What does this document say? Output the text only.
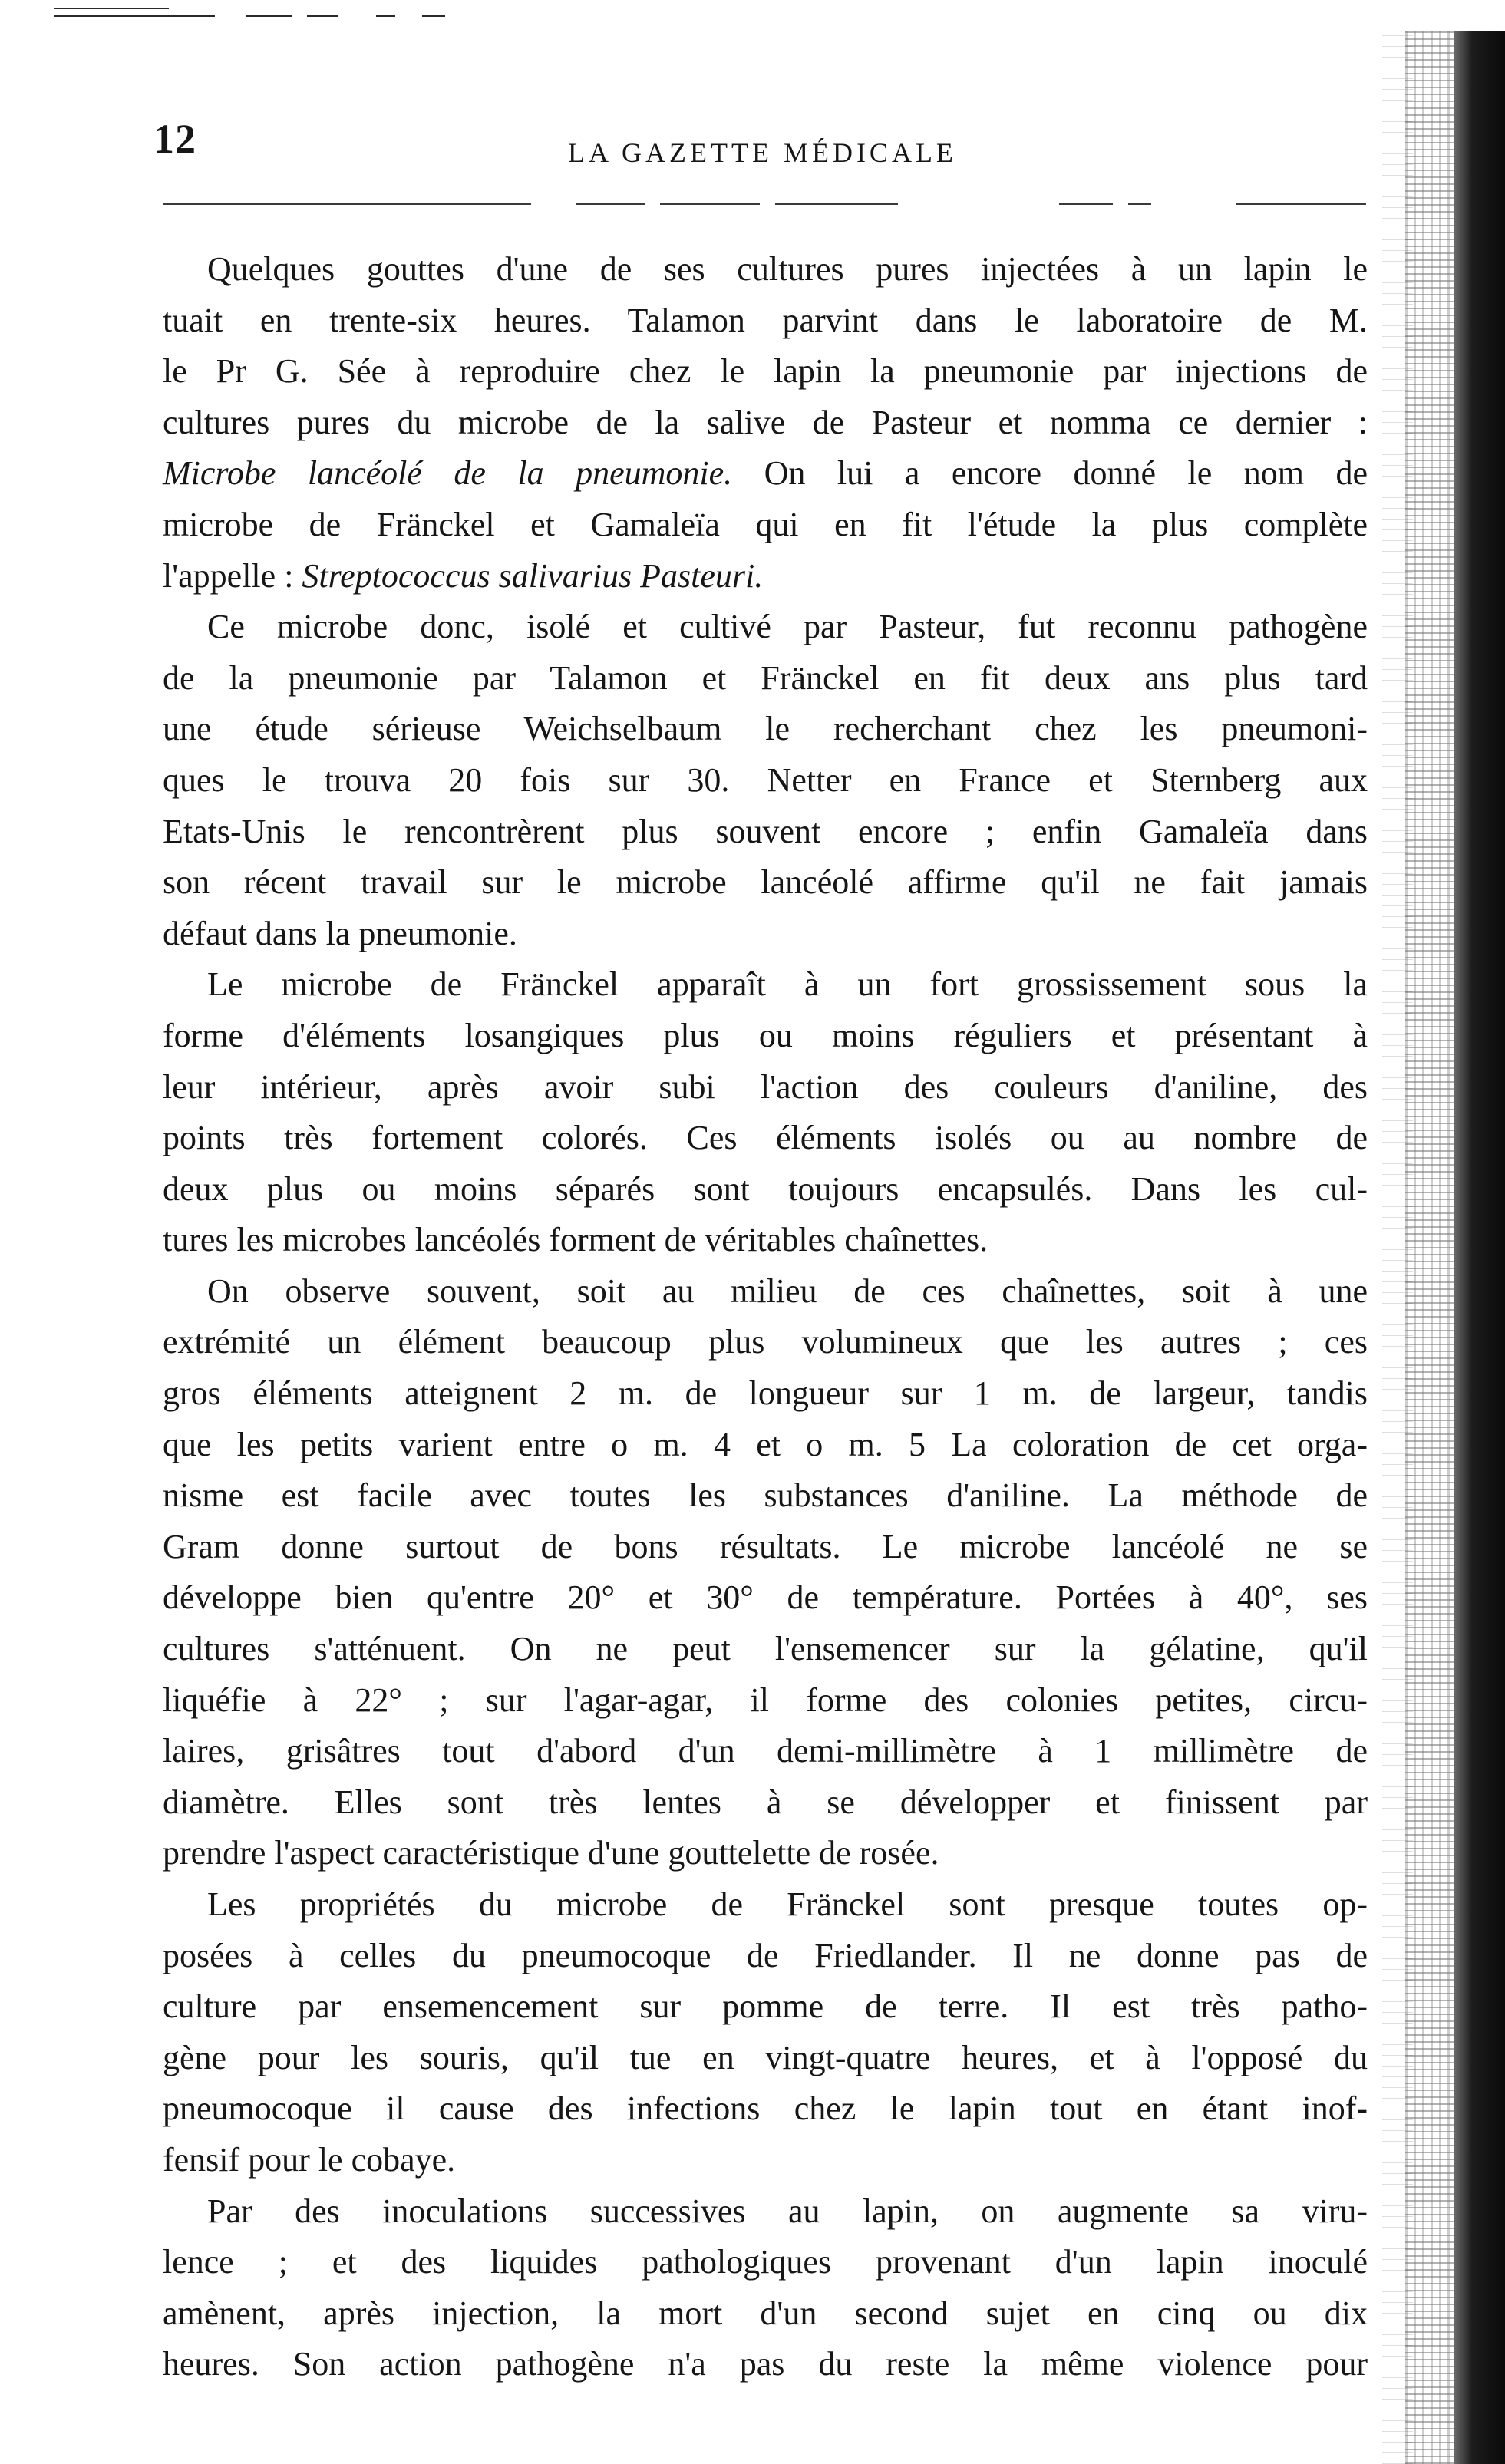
12	LA GAZETTE MÉDICALE
Quelques gouttes d'une de ses cultures pures injectées à un lapin le
tuait en trente-six heures. Talamon parvint dans le laboratoire de M.
le Pr G. Sée à reproduire chez le lapin la pneumonie par injections de
cultures pures du microbe de la salive de Pasteur et nomma ce dernier :
Microbe lancéolé de la pneumonie. On lui a encore donné le nom de
microbe de Fränckel et Gamaleïa qui en fit l'étude la plus complète
l'appelle : Streptococcus salivarius Pasteuri.
Ce microbe donc, isolé et cultivé par Pasteur, fut reconnu pathogène
de la pneumonie par Talamon et Fränckel en fit deux ans plus tard
une étude sérieuse Weichselbaum le recherchant chez les pneumoni-
ques le trouva 20 fois sur 30. Netter en France et Sternberg aux
Etats-Unis le rencontrèrent plus souvent encore ; enfin Gamaleïa dans
son récent travail sur le microbe lancéolé affirme qu'il ne fait jamais
défaut dans la pneumonie.
Le microbe de Fränckel apparaît à un fort grossissement sous la
forme d'éléments losangiques plus ou moins réguliers et présentant à
leur intérieur, après avoir subi l'action des couleurs d'aniline, des
points très fortement colorés. Ces éléments isolés ou au nombre de
deux plus ou moins séparés sont toujours encapsulés. Dans les cul-
tures les microbes lancéolés forment de véritables chaînettes.
On observe souvent, soit au milieu de ces chaînettes, soit à une
extrémité un élément beaucoup plus volumineux que les autres ; ces
gros éléments atteignent 2 m. de longueur sur 1 m. de largeur, tandis
que les petits varient entre o m. 4 et o m. 5 La coloration de cet orga-
nisme est facile avec toutes les substances d'aniline. La méthode de
Gram donne surtout de bons résultats. Le microbe lancéolé ne se
développe bien qu'entre 20° et 30° de température. Portées à 40°, ses
cultures s'atténuent. On ne peut l'ensemencer sur la gélatine, qu'il
liquéfie à 22° ; sur l'agar-agar, il forme des colonies petites, circu-
laires, grisâtres tout d'abord d'un demi-millimètre à 1 millimètre de
diamètre. Elles sont très lentes à se développer et finissent par
prendre l'aspect caractéristique d'une gouttelette de rosée.
Les propriétés du microbe de Fränckel sont presque toutes op-
posées à celles du pneumocoque de Friedlander. Il ne donne pas de
culture par ensemencement sur pomme de terre. Il est très patho-
gène pour les souris, qu'il tue en vingt-quatre heures, et à l'opposé du
pneumocoque il cause des infections chez le lapin tout en étant inof-
fensif pour le cobaye.
Par des inoculations successives au lapin, on augmente sa viru-
lence ; et des liquides pathologiques provenant d'un lapin inoculé
amènent, après injection, la mort d'un second sujet en cinq ou dix
heures. Son action pathogène n'a pas du reste la même violence pour
